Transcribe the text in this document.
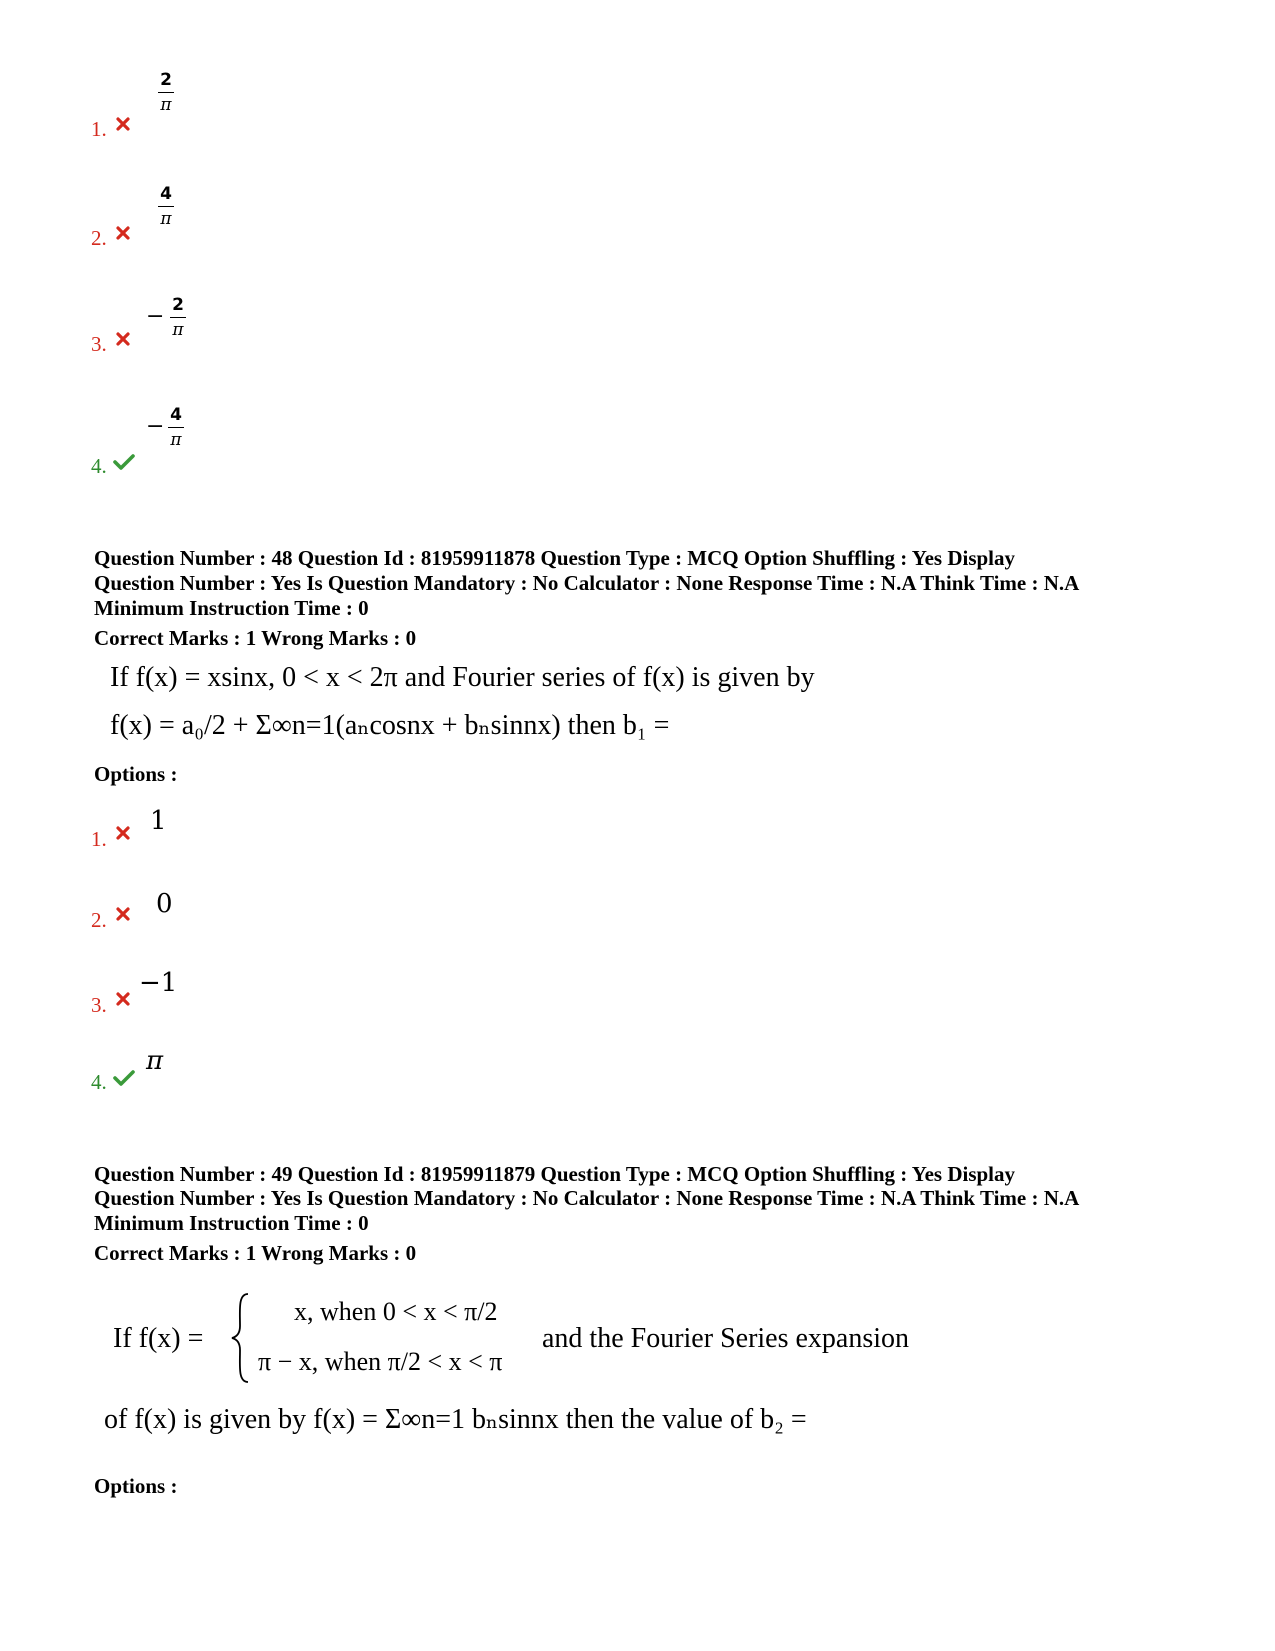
1.
2
π
2.
4
π
3.
− 2
π
4.
− 4
π
Question Number : 48 Question Id : 81959911878 Question Type : MCQ Option Shuffling : Yes Display
Question Number : Yes Is Question Mandatory : No Calculator : None Response Time : N.A Think Time : N.A
Minimum Instruction Time : 0
Correct Marks : 1 Wrong Marks : 0
If f(x) = xsinx, 0 < x < 2π and Fourier series of f(x) is given by
f(x) = a₀/2 + Σ∞n=1(aₙcosnx + bₙsinnx) then b₁ =
Options :
1.
1
2.
0
3.
−1
4.
π
Question Number : 49 Question Id : 81959911879 Question Type : MCQ Option Shuffling : Yes Display
Question Number : Yes Is Question Mandatory : No Calculator : None Response Time : N.A Think Time : N.A
Minimum Instruction Time : 0
Correct Marks : 1 Wrong Marks : 0
If f(x) =
x, when 0 < x < π/2
π − x, when π/2 < x < π
and the Fourier Series expansion
of f(x) is given by f(x) = Σ∞n=1 bₙsinnx then the value of b₂ =
Options :
